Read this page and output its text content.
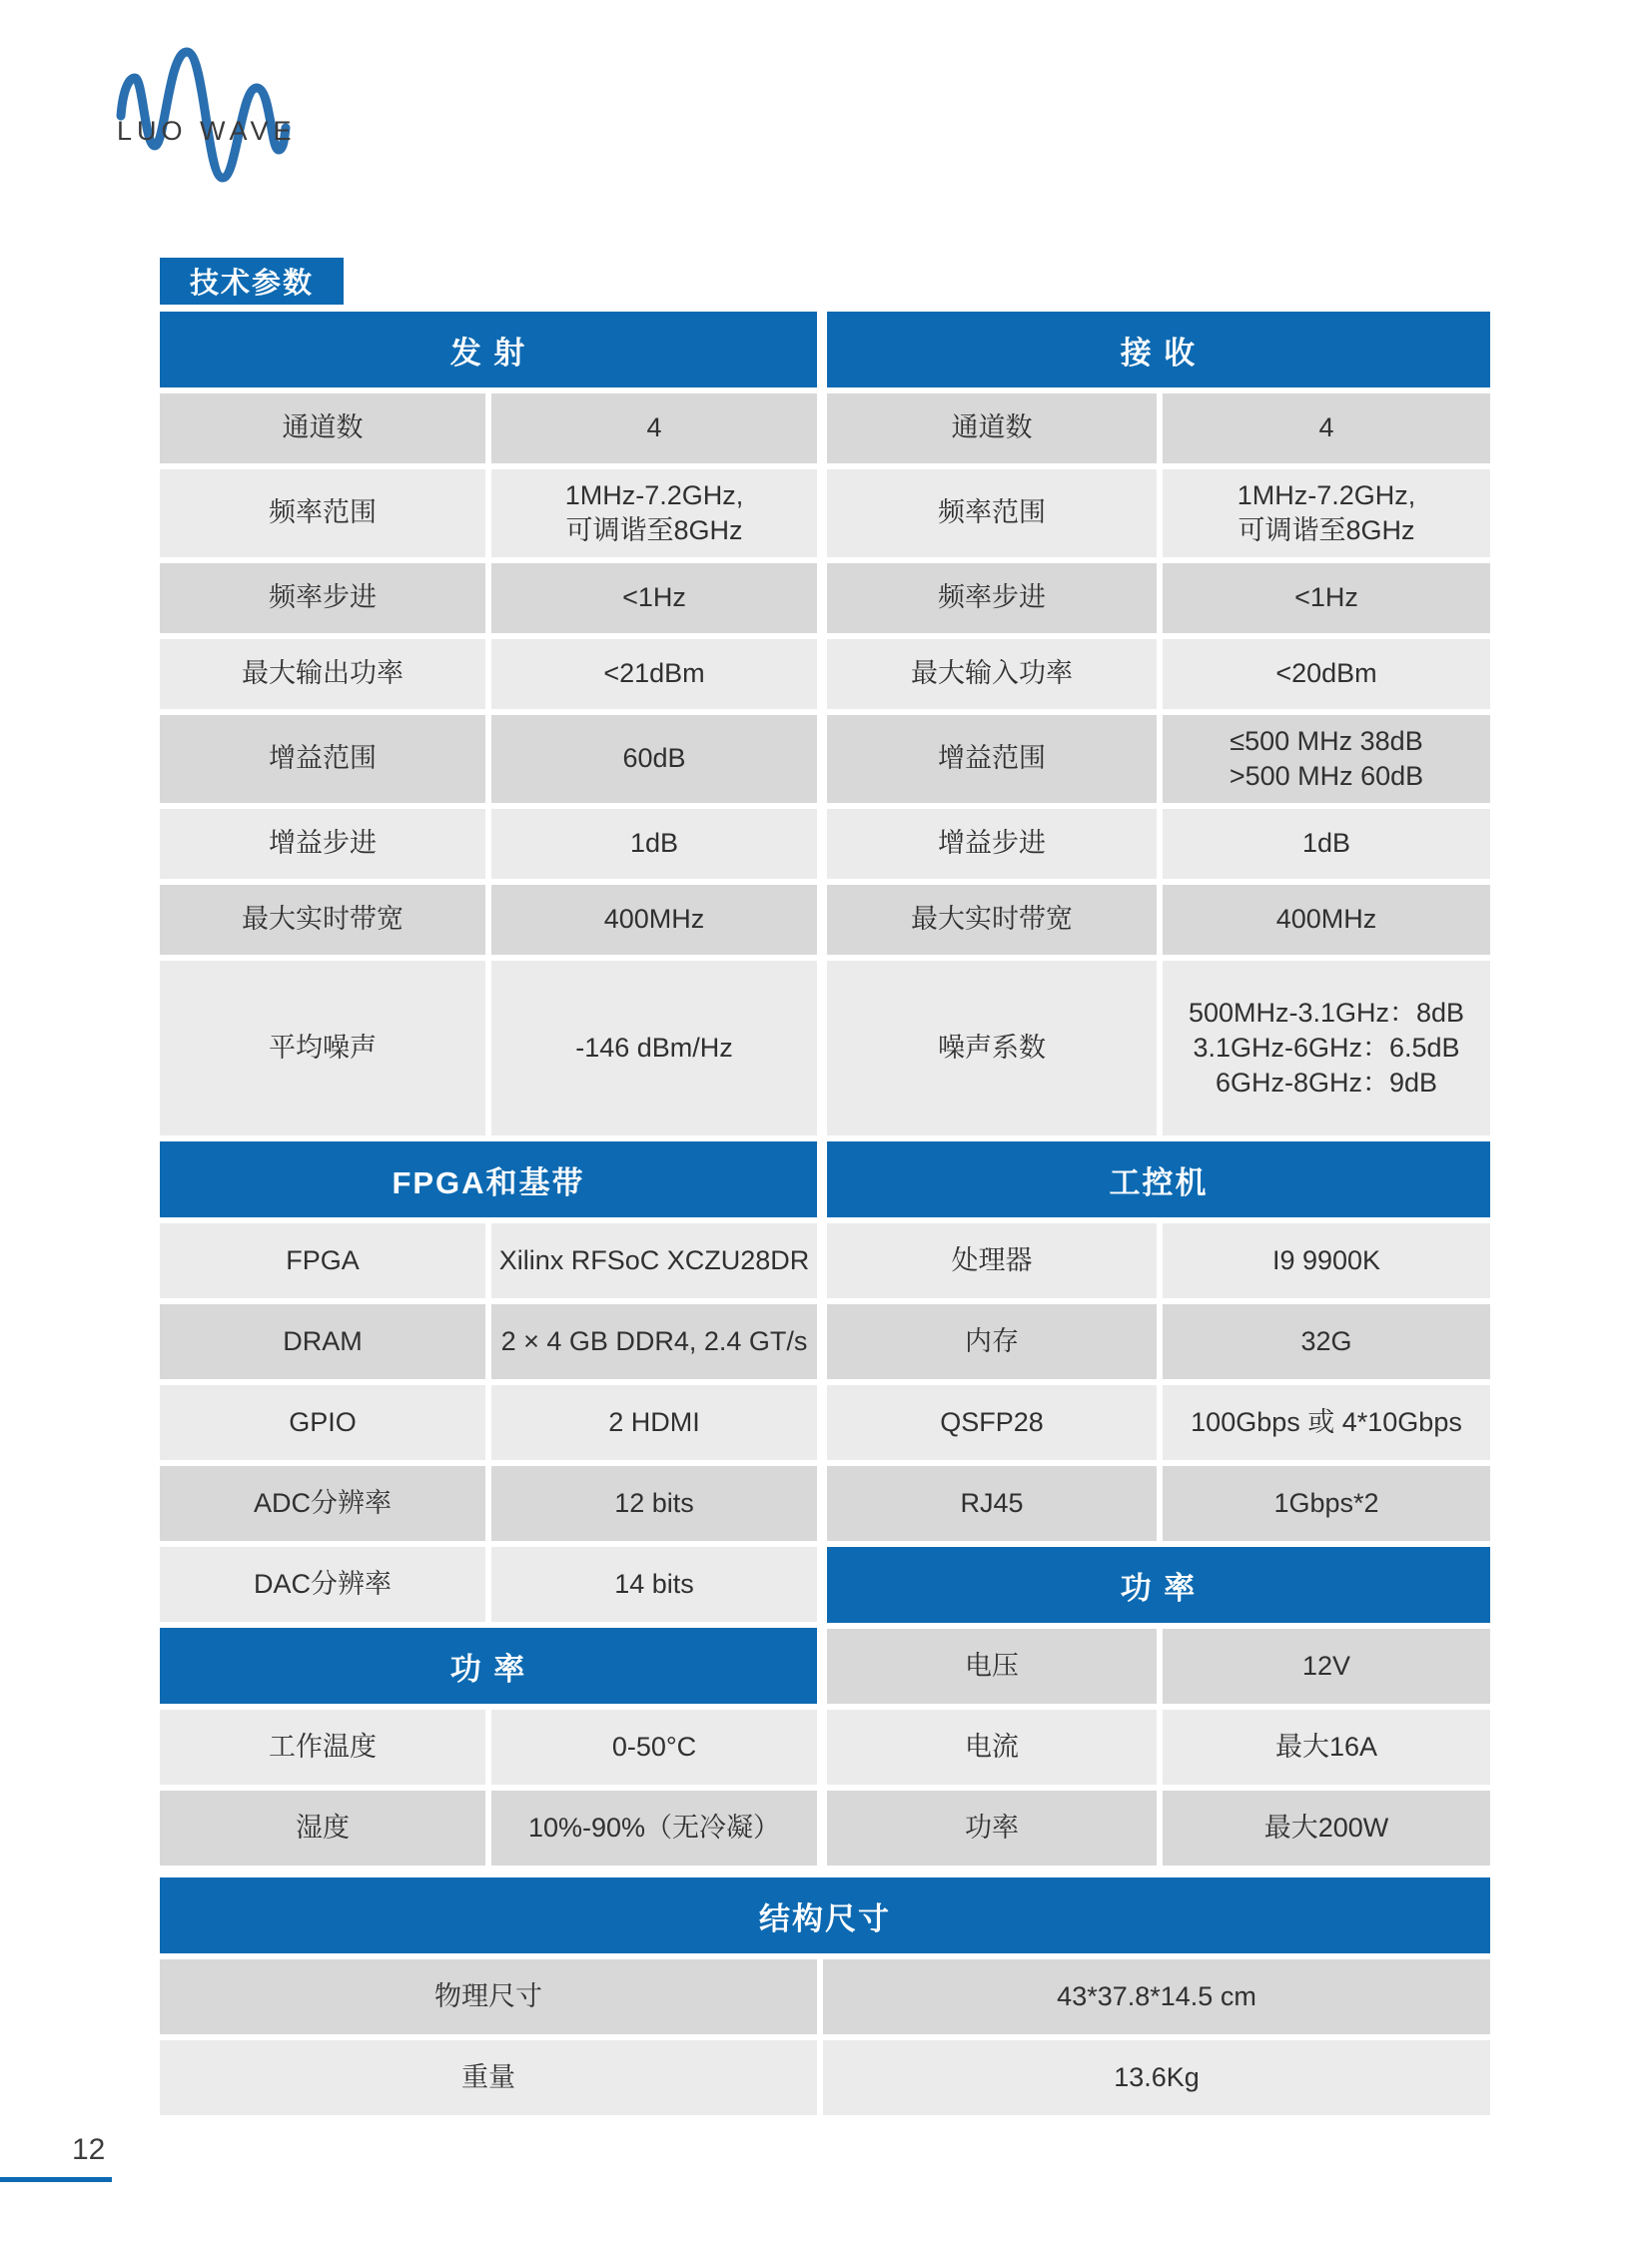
LUO WAVE
技术参数
发 射
通道数	4
频率范围
1MHz-7.2GHz,
可调谐至8GHz
频率步进	<1Hz
最大输出功率	<21dBm
增益范围	60dB
增益步进	1dB
最大实时带宽	400MHz
平均噪声	-146 dBm/Hz
FPGA和基带
FPGA	Xilinx RFSoC XCZU28DR
DRAM	2 × 4 GB DDR4, 2.4 GT/s
GPIO	2 HDMI
ADC分辨率	12 bits
DAC分辨率	14 bits
功 率
工作温度	0-50°C
湿度	10%-90%（无冷凝）
接 收
通道数	4
频率范围
1MHz-7.2GHz,
可调谐至8GHz
频率步进	<1Hz
最大输入功率	<20dBm
增益范围
≤500 MHz 38dB
>500 MHz 60dB
增益步进	1dB
最大实时带宽	400MHz
噪声系数
500MHz-3.1GHz：8dB
3.1GHz-6GHz：6.5dB
6GHz-8GHz：9dB
工控机
处理器	I9 9900K
内存	32G
QSFP28	100Gbps 或 4*10Gbps
RJ45	1Gbps*2
功 率
电压	12V
电流	最大16A
功率	最大200W
结构尺寸
物理尺寸	43*37.8*14.5 cm
重量	13.6Kg
12
